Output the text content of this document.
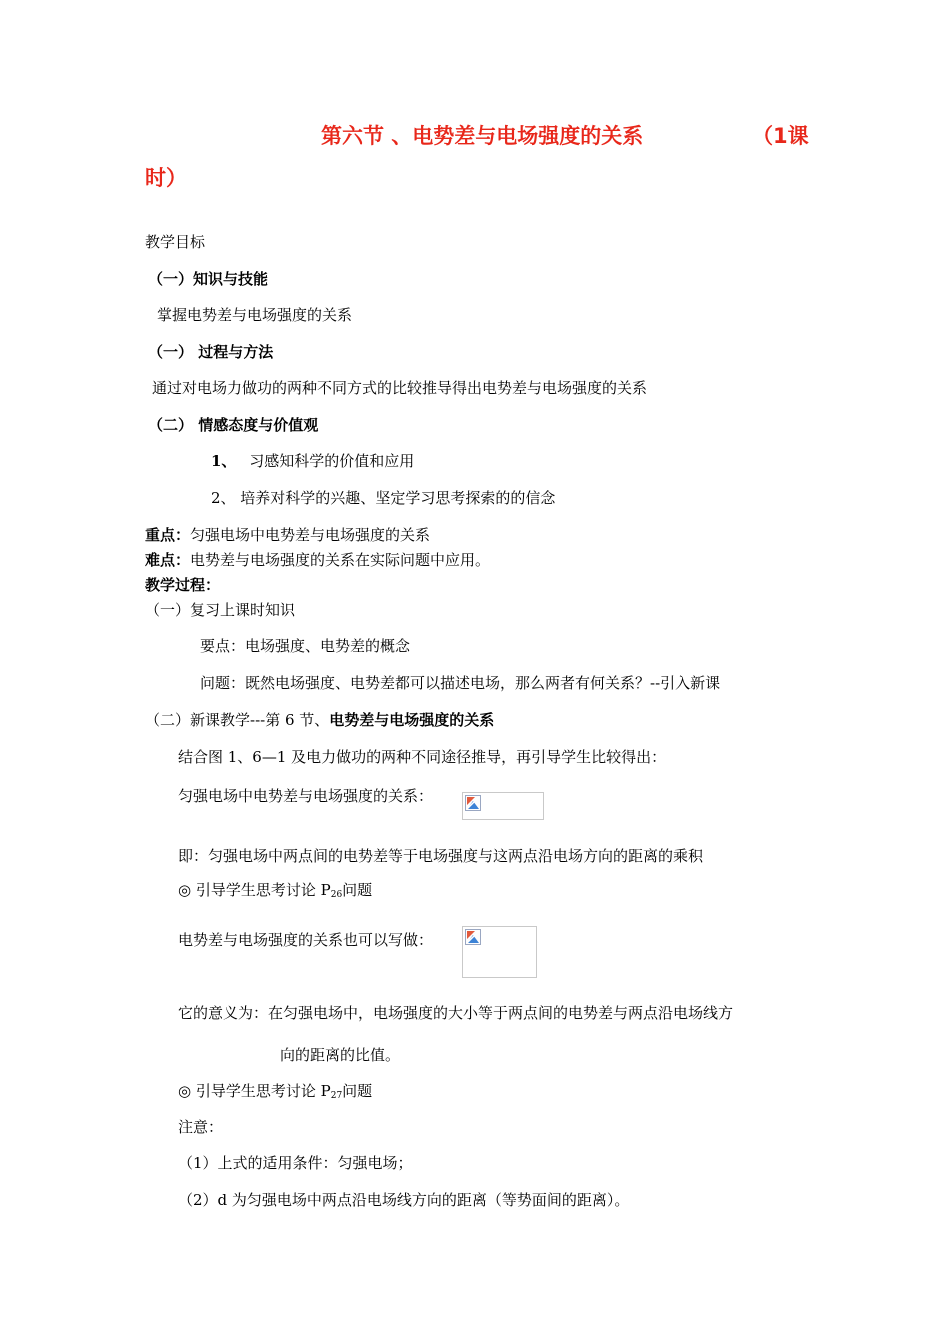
第六节 、电势差与电场强度的关系	（1课
时）
教学目标
（一）知识与技能
掌握电势差与电场强度的关系
（一） 过程与方法
通过对电场力做功的两种不同方式的比较推导得出电势差与电场强度的关系
（二） 情感态度与价值观
1、 习感知科学的价值和应用
2、 培养对科学的兴趣、坚定学习思考探索的的信念
重点：匀强电场中电势差与电场强度的关系
难点：电势差与电场强度的关系在实际问题中应用。
教学过程：
（一）复习上课时知识
要点：电场强度、电势差的概念
问题：既然电场强度、电势差都可以描述电场，那么两者有何关系？--引入新课
（二）新课教学---第 6 节、电势差与电场强度的关系
结合图 1、6—1 及电力做功的两种不同途径推导，再引导学生比较得出：
匀强电场中电势差与电场强度的关系：
即：匀强电场中两点间的电势差等于电场强度与这两点沿电场方向的距离的乘积
◎ 引导学生思考讨论 $P_{26}$问题
电势差与电场强度的关系也可以写做：
它的意义为：在匀强电场中，电场强度的大小等于两点间的电势差与两点沿电场线方
向的距离的比值。
◎ 引导学生思考讨论 $P_{27}$问题
注意：
（1）上式的适用条件：匀强电场；
（2）d 为匀强电场中两点沿电场线方向的距离（等势面间的距离）。
